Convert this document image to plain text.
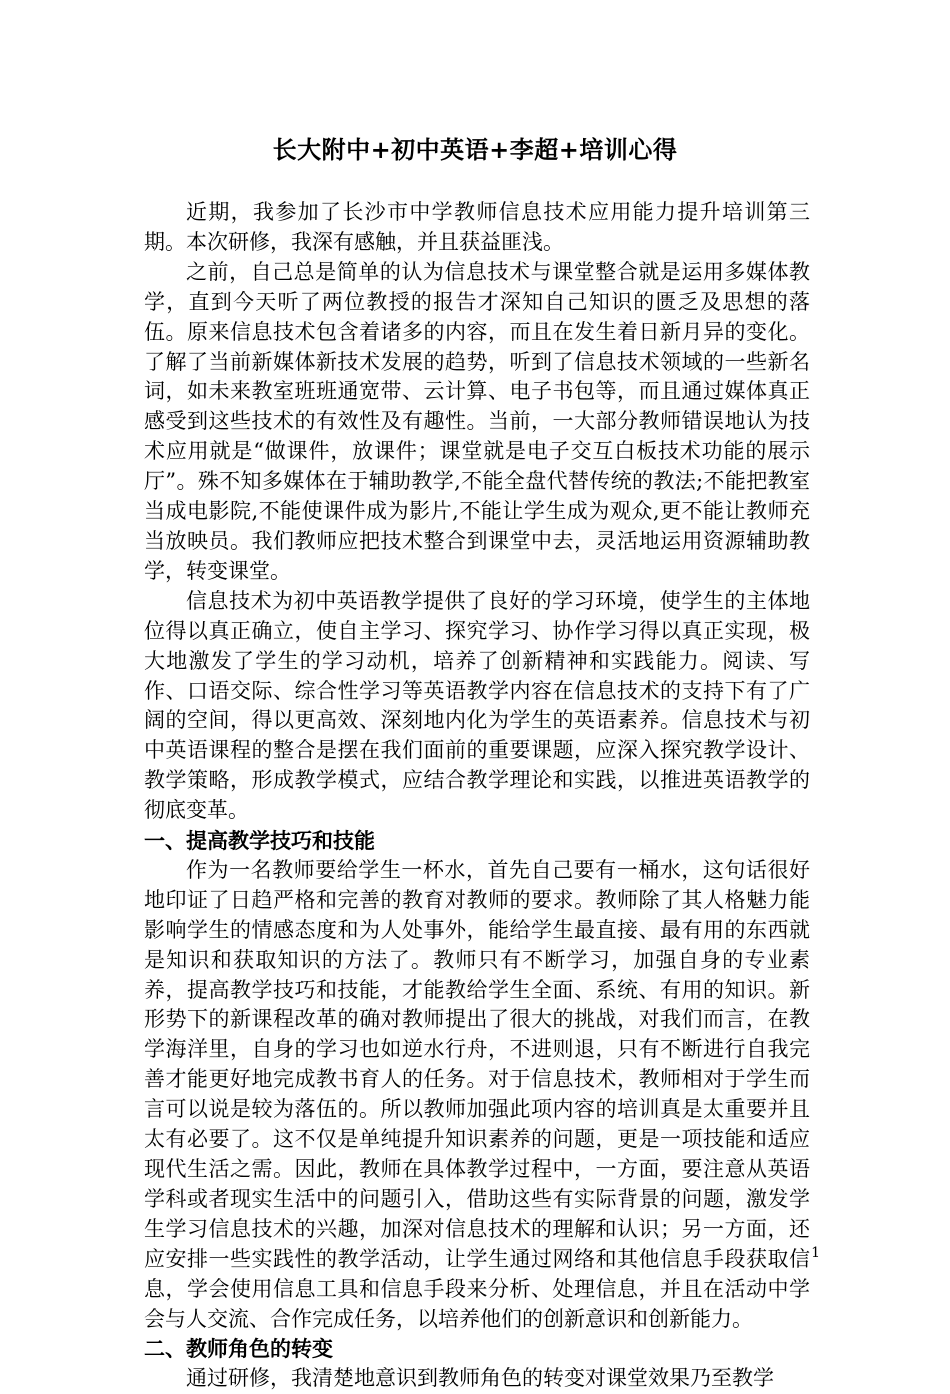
长大附中+初中英语+李超+培训心得

近期，我参加了长沙市中学教师信息技术应用能力提升培训第三期。本次研修，我深有感触，并且获益匪浅。

之前，自己总是简单的认为信息技术与课堂整合就是运用多媒体教学，直到今天听了两位教授的报告才深知自己知识的匮乏及思想的落伍。原来信息技术包含着诸多的内容，而且在发生着日新月异的变化。了解了当前新媒体新技术发展的趋势，听到了信息技术领域的一些新名词，如未来教室班班通宽带、云计算、电子书包等，而且通过媒体真正感受到这些技术的有效性及有趣性。当前，一大部分教师错误地认为技术应用就是“做课件，放课件；课堂就是电子交互白板技术功能的展示厅”。殊不知多媒体在于辅助教学,不能全盘代替传统的教法;不能把教室当成电影院,不能使课件成为影片,不能让学生成为观众,更不能让教师充当放映员。我们教师应把技术整合到课堂中去，灵活地运用资源辅助教学，转变课堂。

信息技术为初中英语教学提供了良好的学习环境，使学生的主体地位得以真正确立，使自主学习、探究学习、协作学习得以真正实现，极大地激发了学生的学习动机，培养了创新精神和实践能力。阅读、写作、口语交际、综合性学习等英语教学内容在信息技术的支持下有了广阔的空间，得以更高效、深刻地内化为学生的英语素养。信息技术与初中英语课程的整合是摆在我们面前的重要课题，应深入探究教学设计、教学策略，形成教学模式，应结合教学理论和实践，以推进英语教学的彻底变革。

一、提高教学技巧和技能

作为一名教师要给学生一杯水，首先自己要有一桶水，这句话很好地印证了日趋严格和完善的教育对教师的要求。教师除了其人格魅力能影响学生的情感态度和为人处事外，能给学生最直接、最有用的东西就是知识和获取知识的方法了。教师只有不断学习，加强自身的专业素养，提高教学技巧和技能，才能教给学生全面、系统、有用的知识。新形势下的新课程改革的确对教师提出了很大的挑战，对我们而言，在教学海洋里，自身的学习也如逆水行舟，不进则退，只有不断进行自我完善才能更好地完成教书育人的任务。对于信息技术，教师相对于学生而言可以说是较为落伍的。所以教师加强此项内容的培训真是太重要并且太有必要了。这不仅是单纯提升知识素养的问题，更是一项技能和适应现代生活之需。因此，教师在具体教学过程中，一方面，要注意从英语学科或者现实生活中的问题引入，借助这些有实际背景的问题，激发学生学习信息技术的兴趣，加深对信息技术的理解和认识；另一方面，还应安排一些实践性的教学活动，让学生通过网络和其他信息手段获取信息，学会使用信息工具和信息手段来分析、处理信息，并且在活动中学会与人交流、合作完成任务，以培养他们的创新意识和创新能力。

二、教师角色的转变

通过研修，我清楚地意识到教师角色的转变对课堂效果乃至教学

1
